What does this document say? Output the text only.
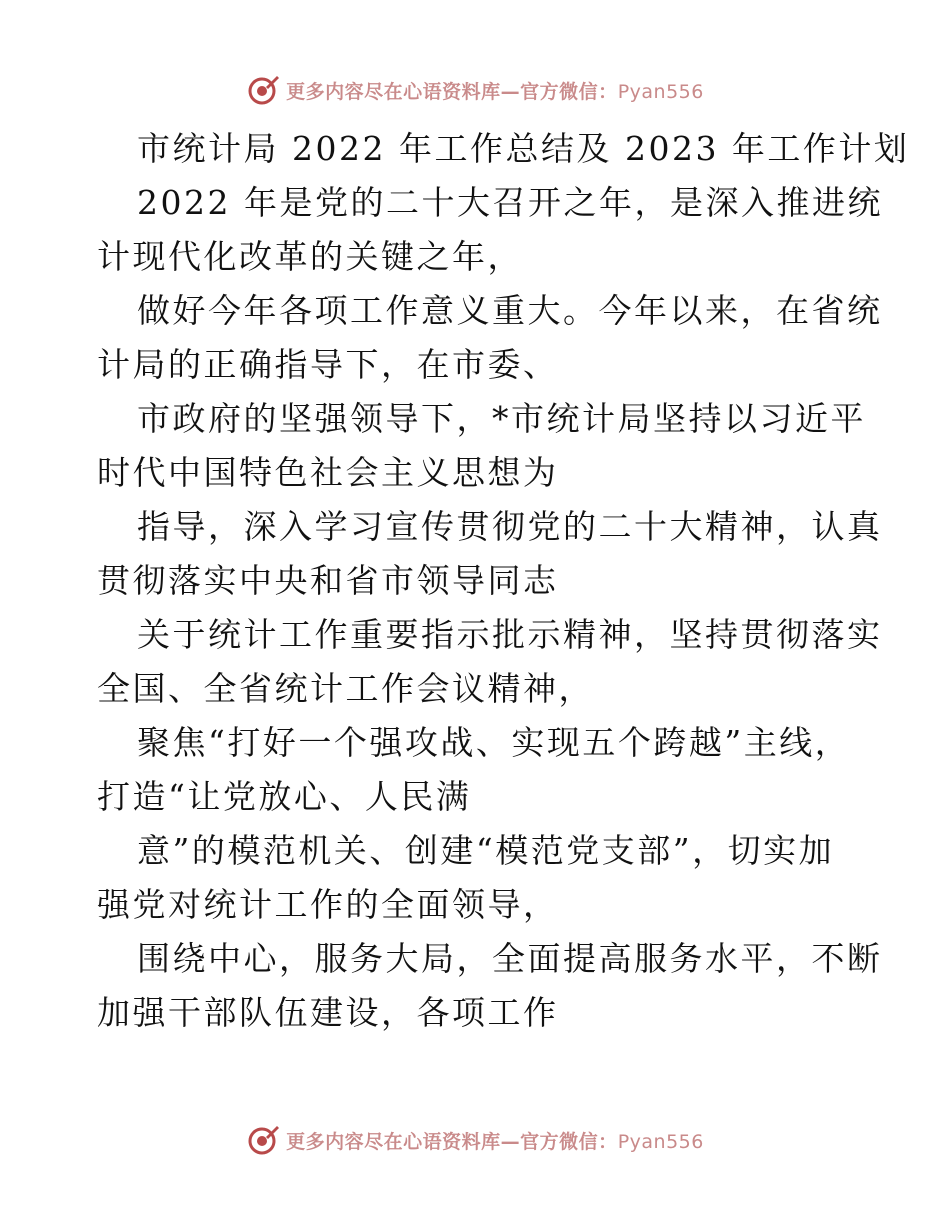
更多内容尽在心语资料库—官方微信：Pyan556
市统计局 2022 年工作总结及 2023 年工作计划

2022 年是党的二十大召开之年，是深入推进统
计现代化改革的关键之年，

做好今年各项工作意义重大。今年以来，在省统
计局的正确指导下，在市委、

市政府的坚强领导下，*市统计局坚持以习近平
时代中国特色社会主义思想为

指导，深入学习宣传贯彻党的二十大精神，认真
贯彻落实中央和省市领导同志

关于统计工作重要指示批示精神，坚持贯彻落实
全国、全省统计工作会议精神，

聚焦“打好一个强攻战、实现五个跨越”主线，
打造“让党放心、人民满

意”的模范机关、创建“模范党支部”，切实加
强党对统计工作的全面领导，

围绕中心，服务大局，全面提高服务水平，不断
加强干部队伍建设，各项工作

更多内容尽在心语资料库—官方微信：Pyan556
